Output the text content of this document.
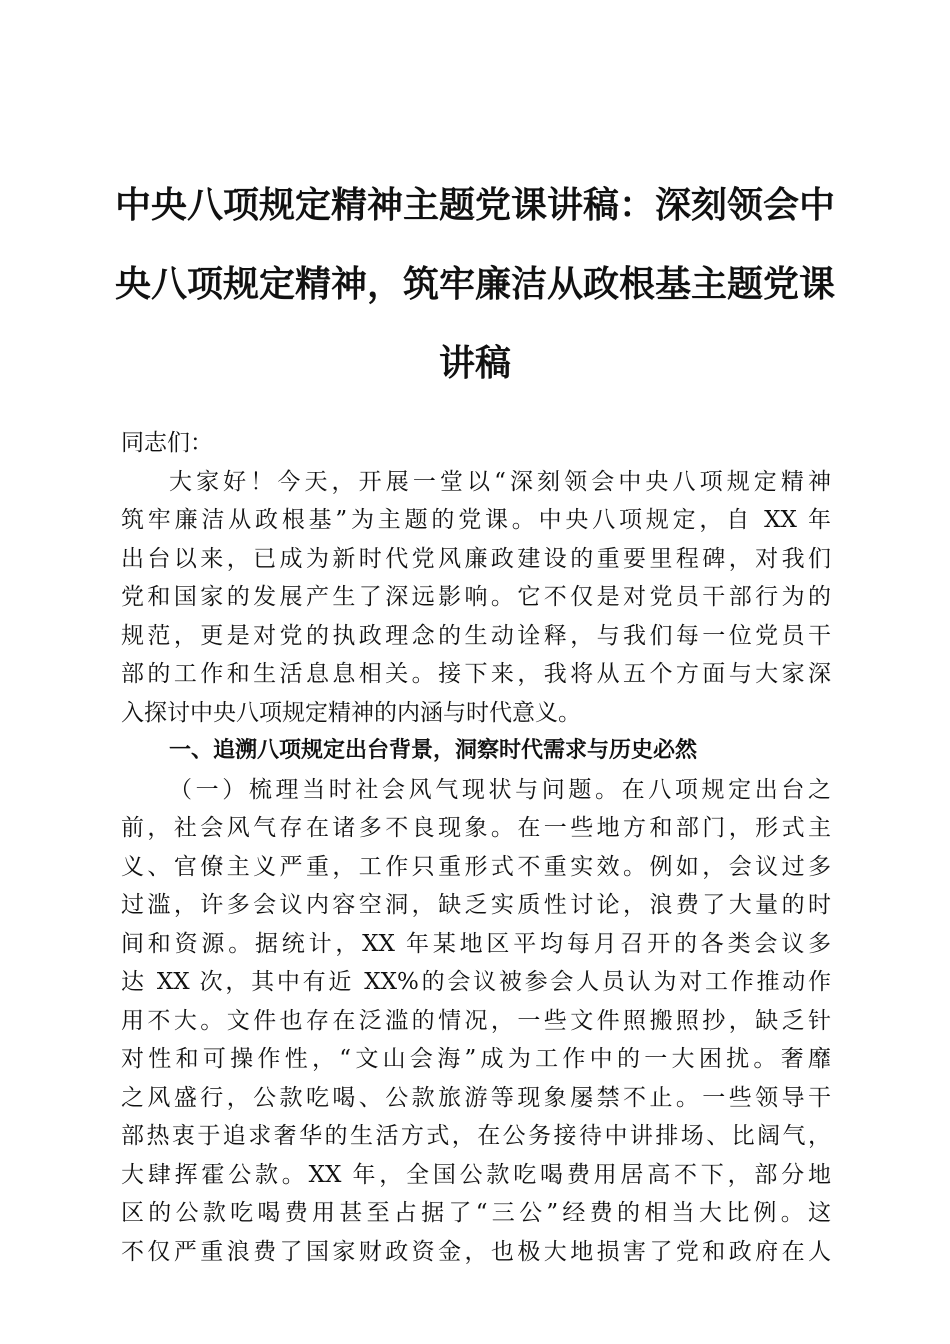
中央八项规定精神主题党课讲稿：深刻领会中
央八项规定精神，筑牢廉洁从政根基主题党课
讲稿
同志们：
大家好！今天，开展一堂以“深刻领会中央八项规定精神
筑牢廉洁从政根基”为主题的党课。中央八项规定，自 XX 年
出台以来，已成为新时代党风廉政建设的重要里程碑，对我们
党和国家的发展产生了深远影响。它不仅是对党员干部行为的
规范，更是对党的执政理念的生动诠释，与我们每一位党员干
部的工作和生活息息相关。接下来，我将从五个方面与大家深
入探讨中央八项规定精神的内涵与时代意义。
一、追溯八项规定出台背景，洞察时代需求与历史必然
（一）梳理当时社会风气现状与问题。在八项规定出台之
前，社会风气存在诸多不良现象。在一些地方和部门，形式主
义、官僚主义严重，工作只重形式不重实效。例如，会议过多
过滥，许多会议内容空洞，缺乏实质性讨论，浪费了大量的时
间和资源。据统计，XX 年某地区平均每月召开的各类会议多
达 XX 次，其中有近 XX%的会议被参会人员认为对工作推动作
用不大。文件也存在泛滥的情况，一些文件照搬照抄，缺乏针
对性和可操作性，“文山会海”成为工作中的一大困扰。奢靡
之风盛行，公款吃喝、公款旅游等现象屡禁不止。一些领导干
部热衷于追求奢华的生活方式，在公务接待中讲排场、比阔气，
大肆挥霍公款。XX 年，全国公款吃喝费用居高不下，部分地
区的公款吃喝费用甚至占据了“三公”经费的相当大比例。这
不仅严重浪费了国家财政资金，也极大地损害了党和政府在人
